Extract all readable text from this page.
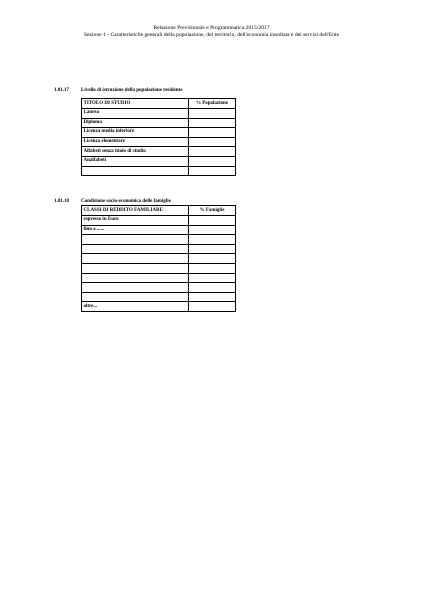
Relazione Previsionale e Programmatica 2015/2017
Sezione 1 - Caratteristiche generali della popolazione, del territorio, dell'economia insediata e dei servizi dell'Ente
1.01.17 Livello di istruzione della popolazione residente
TITOLO DI STUDIO	% Popolazione
Laurea	
Diploma	
Licenza media inferiore	
Licenza elementare	
Alfabeti senza titolo di studio	
Analfabeti	

1.01.18 Condizione socio-economica delle famiglie
CLASSI DI REDDITO FAMILIARE	% Famiglie
espresso in Euro	
fino a ......	

oltre...	
